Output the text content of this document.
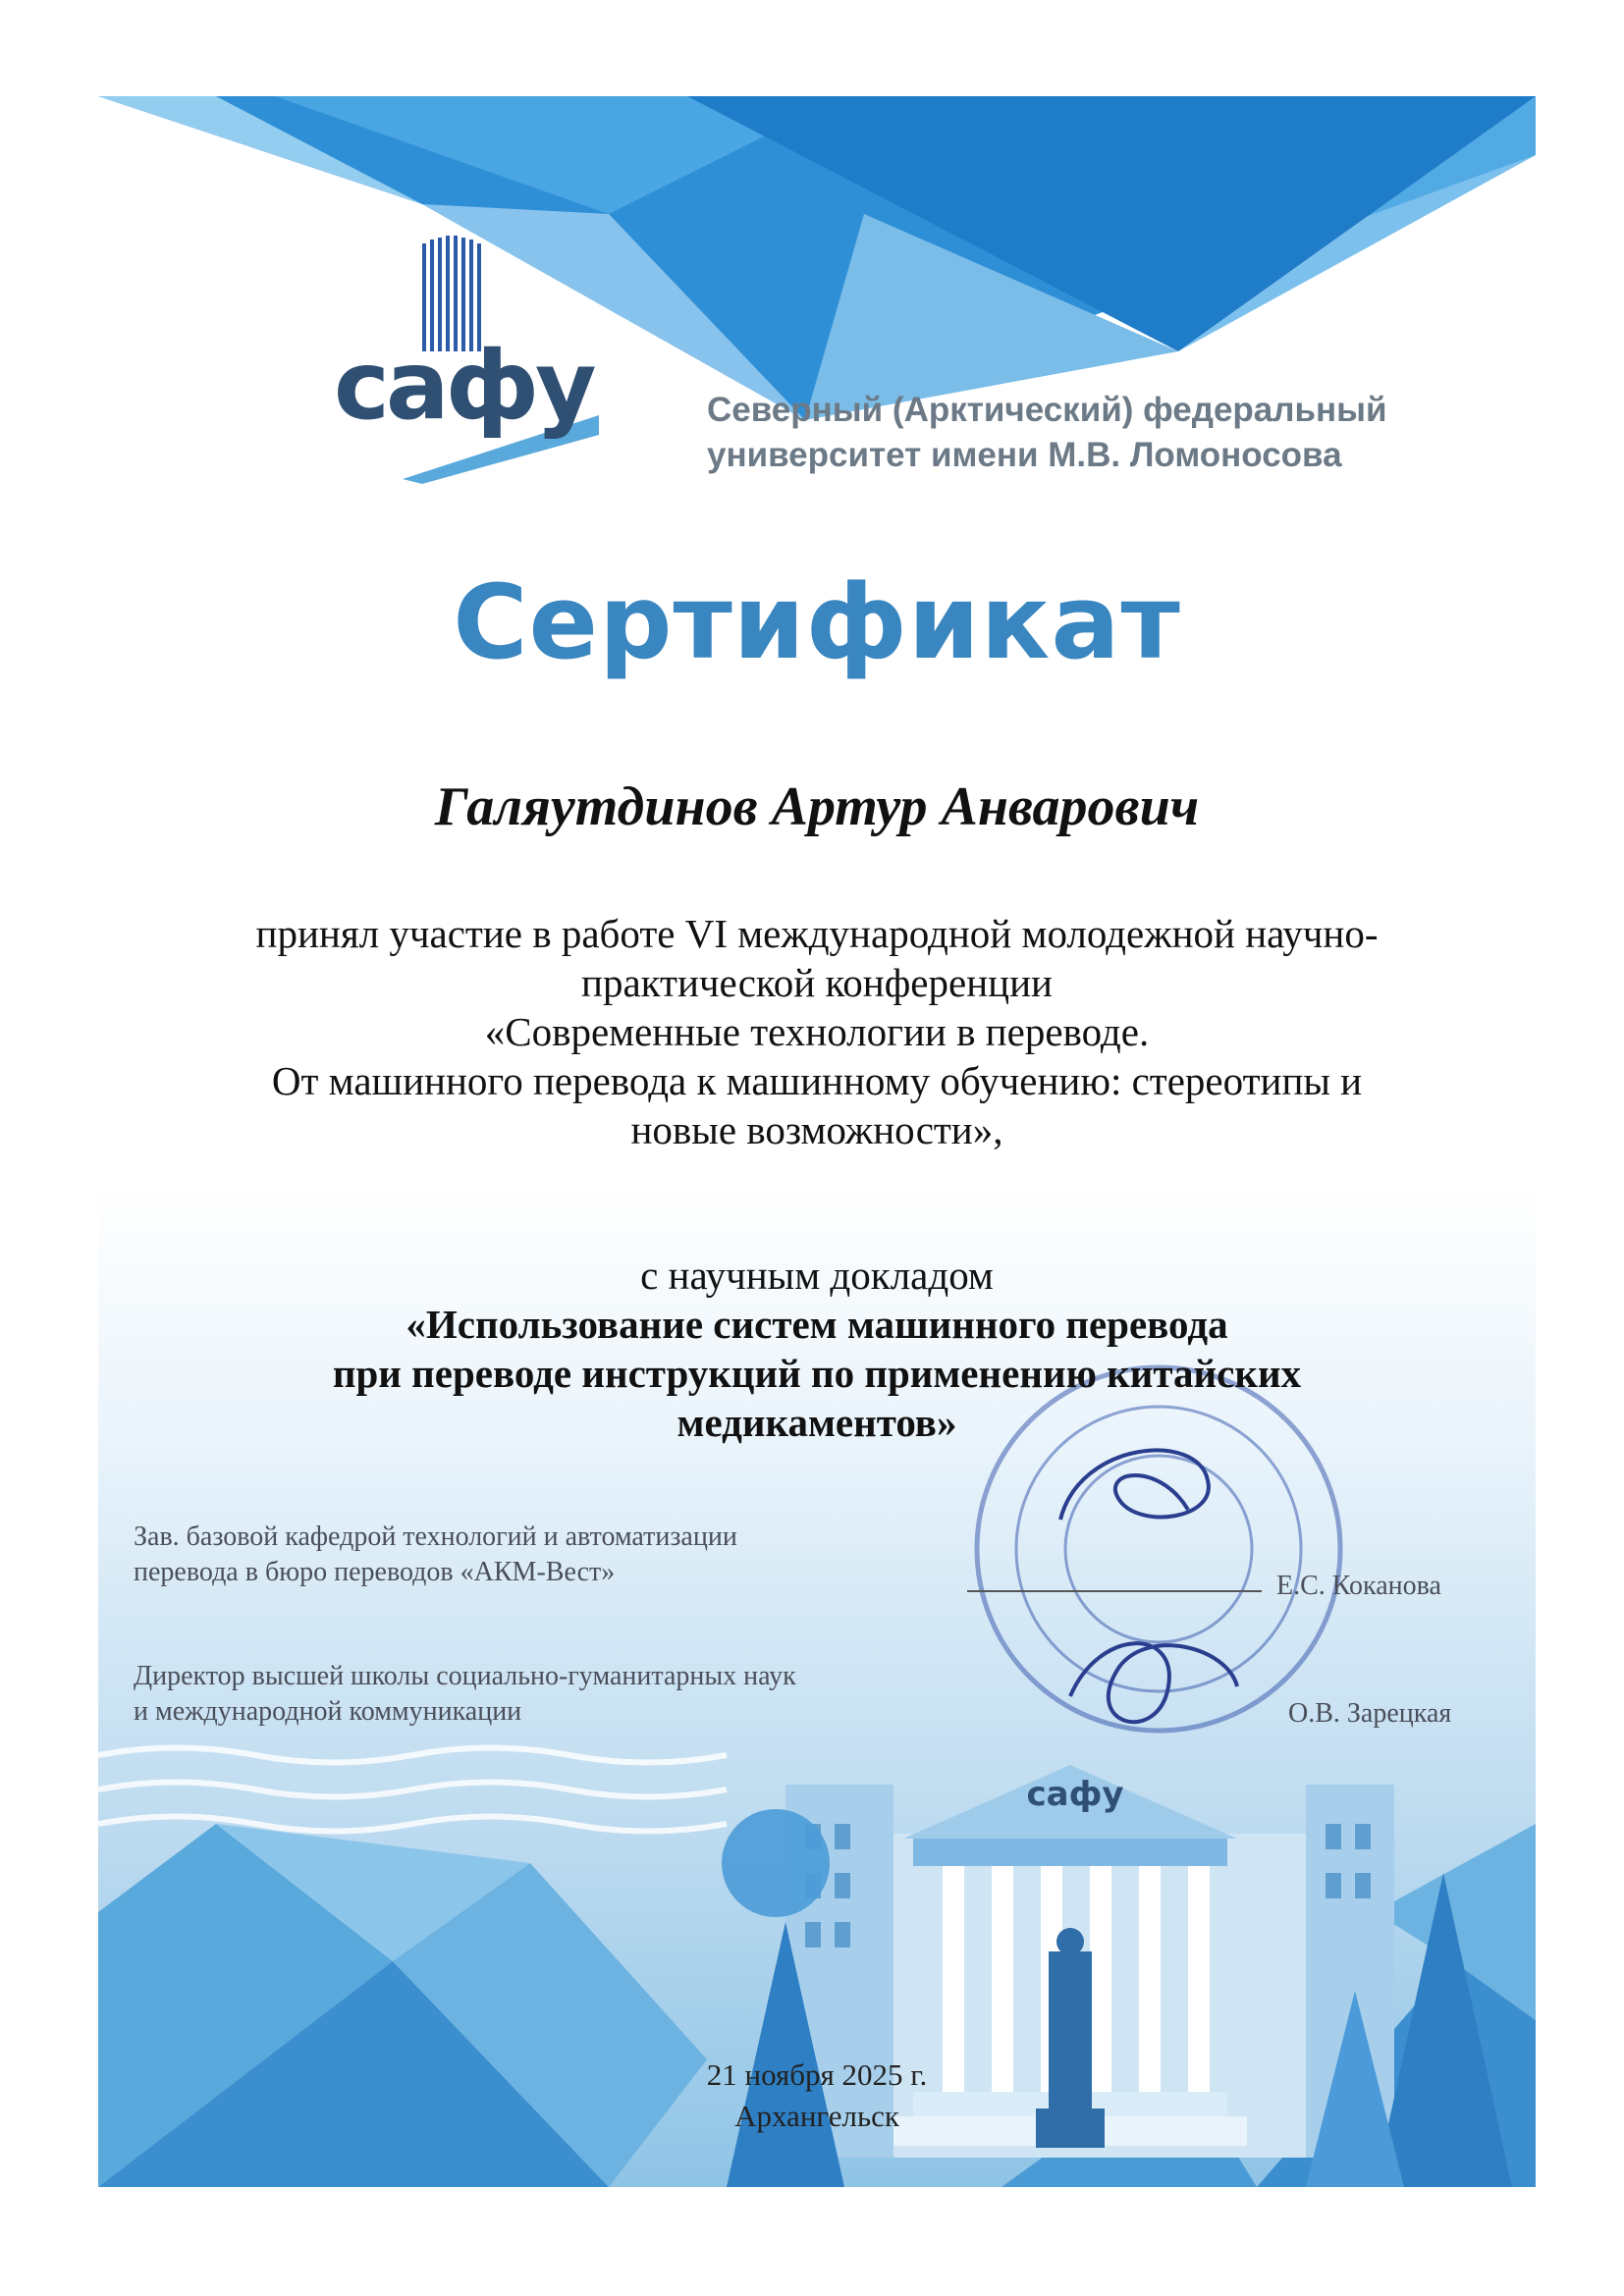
сафу	Северный (Арктический) федеральный
университет имени М.В. Ломоносова
Сертификат
Галяутдинов Артур Анварович
принял участие в работе VI международной молодежной научно-
практической конференции
«Современные технологии в переводе.
От машинного перевода к машинному обучению: стереотипы и
новые возможности»,
с научным докладом
«Использование систем машинного перевода
при переводе инструкций по применению китайских
медикаментов»
Зав. базовой кафедрой технологий и автоматизации
перевода в бюро переводов «АКМ-Вест»	Е.С. Коканова
Директор высшей школы социально-гуманитарных наук
и международной коммуникации	О.В. Зарецкая
сафу
21 ноября 2025 г.
Архангельск
